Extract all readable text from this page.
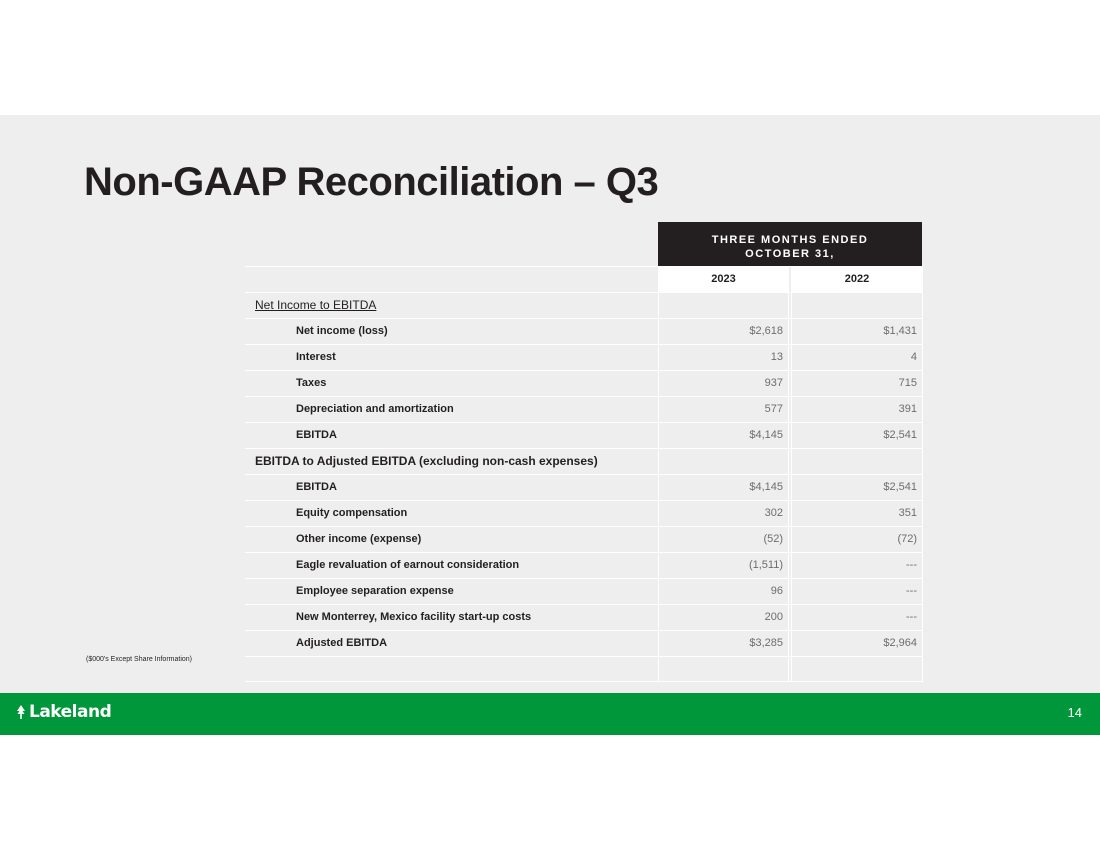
Non-GAAP Reconciliation – Q3
THREE MONTHS ENDED
OCTOBER 31,
2023	2022
Net Income to EBITDA
Net income (loss)	$2,618	$1,431
Interest	13	4
Taxes	937	715
Depreciation and amortization	577	391
EBITDA	$4,145	$2,541
EBITDA to Adjusted EBITDA (excluding non-cash expenses)
EBITDA	$4,145	$2,541
Equity compensation	302	351
Other income (expense)	(52)	(72)
Eagle revaluation of earnout consideration	(1,511)	---
Employee separation expense	96	---
New Monterrey, Mexico facility start-up costs	200	---
Adjusted EBITDA	$3,285	$2,964
($000's Except Share Information)
Lakeland	14
